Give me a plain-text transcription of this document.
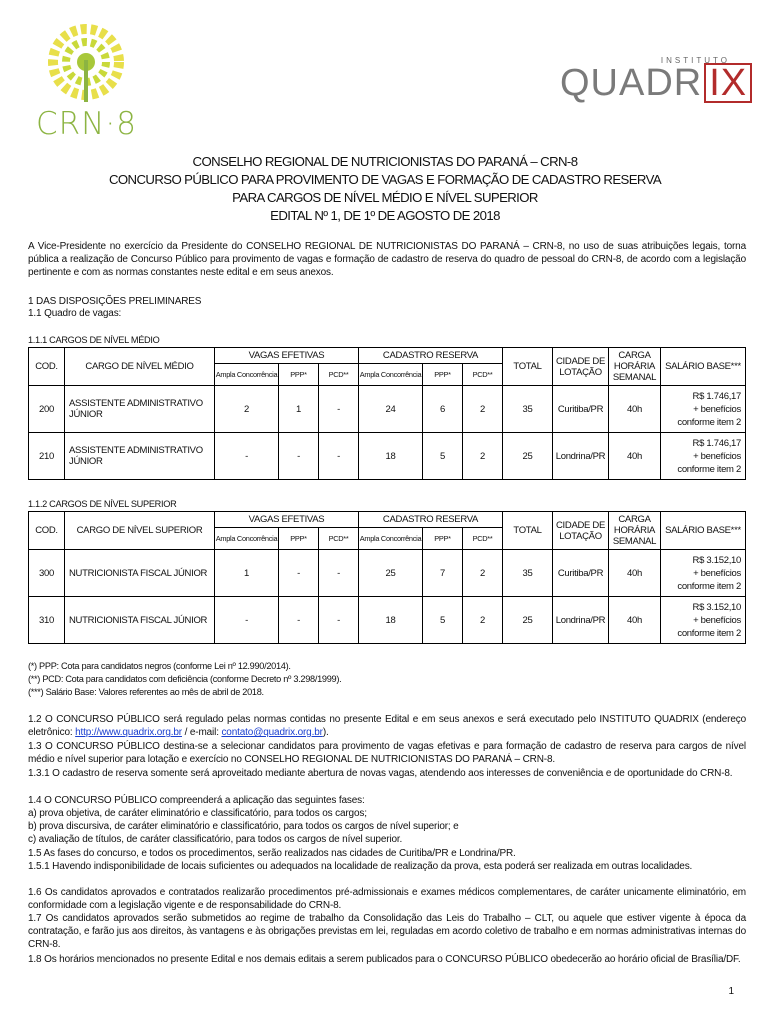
CRN·8
INSTITUTO
QUADR IX
CONSELHO REGIONAL DE NUTRICIONISTAS DO PARANÁ – CRN-8
CONCURSO PÚBLICO PARA PROVIMENTO DE VAGAS E FORMAÇÃO DE CADASTRO RESERVA
PARA CARGOS DE NÍVEL MÉDIO E NÍVEL SUPERIOR
EDITAL Nº 1, DE 1º DE AGOSTO DE 2018
A Vice-Presidente no exercício da Presidente do CONSELHO REGIONAL DE NUTRICIONISTAS DO PARANÁ – CRN-8, no uso de suas atribuições legais, torna pública a realização de Concurso Público para provimento de vagas e formação de cadastro de reserva do quadro de pessoal do CRN-8, de acordo com a legislação pertinente e com as normas constantes neste edital e em seus anexos.
1 DAS DISPOSIÇÕES PRELIMINARES
1.1 Quadro de vagas:
1.1.1 CARGOS DE NÍVEL MÉDIO
COD.	CARGO DE NÍVEL MÉDIO	VAGAS EFETIVAS			CADASTRO RESERVA			TOTAL	CIDADE DE LOTAÇÃO	CARGA HORÁRIA SEMANAL	SALÁRIO BASE***
		Ampla Concorrência	PPP*	PCD**	Ampla Concorrência	PPP*	PCD**				
200	ASSISTENTE ADMINISTRATIVO JÚNIOR	2	1	-	24	6	2	35	Curitiba/PR	40h	R$ 1.746,17
+ benefícios
conforme item 2
210	ASSISTENTE ADMINISTRATIVO JÚNIOR	-	-	-	18	5	2	25	Londrina/PR	40h	R$ 1.746,17
+ benefícios
conforme item 2
1.1.2 CARGOS DE NÍVEL SUPERIOR
COD.	CARGO DE NÍVEL SUPERIOR	VAGAS EFETIVAS			CADASTRO RESERVA			TOTAL	CIDADE DE LOTAÇÃO	CARGA HORÁRIA SEMANAL	SALÁRIO BASE***
		Ampla Concorrência	PPP*	PCD**	Ampla Concorrência	PPP*	PCD**				
300	NUTRICIONISTA FISCAL JÚNIOR	1	-	-	25	7	2	35	Curitiba/PR	40h	R$ 3.152,10
+ benefícios
conforme item 2
310	NUTRICIONISTA FISCAL JÚNIOR	-	-	-	18	5	2	25	Londrina/PR	40h	R$ 3.152,10
+ benefícios
conforme item 2
(*) PPP: Cota para candidatos negros (conforme Lei nº 12.990/2014).
(**) PCD: Cota para candidatos com deficiência (conforme Decreto nº 3.298/1999).
(***) Salário Base: Valores referentes ao mês de abril de 2018.
1.2 O CONCURSO PÚBLICO será regulado pelas normas contidas no presente Edital e em seus anexos e será executado pelo INSTITUTO QUADRIX (endereço eletrônico: http://www.quadrix.org.br / e-mail: contato@quadrix.org.br).
1.3 O CONCURSO PÚBLICO destina-se a selecionar candidatos para provimento de vagas efetivas e para formação de cadastro de reserva para cargos de nível médio e nível superior para lotação e exercício no CONSELHO REGIONAL DE NUTRICIONISTAS DO PARANÁ – CRN-8.
1.3.1 O cadastro de reserva somente será aproveitado mediante abertura de novas vagas, atendendo aos interesses de conveniência e de oportunidade do CRN-8.
1.4 O CONCURSO PÚBLICO compreenderá a aplicação das seguintes fases:
a) prova objetiva, de caráter eliminatório e classificatório, para todos os cargos;
b) prova discursiva, de caráter eliminatório e classificatório, para todos os cargos de nível superior; e
c) avaliação de títulos, de caráter classificatório, para todos os cargos de nível superior.
1.5 As fases do concurso, e todos os procedimentos, serão realizados nas cidades de Curitiba/PR e Londrina/PR.
1.5.1 Havendo indisponibilidade de locais suficientes ou adequados na localidade de realização da prova, esta poderá ser realizada em outras localidades.
1.6 Os candidatos aprovados e contratados realizarão procedimentos pré-admissionais e exames médicos complementares, de caráter unicamente eliminatório, em conformidade com a legislação vigente e de responsabilidade do CRN-8.
1.7 Os candidatos aprovados serão submetidos ao regime de trabalho da Consolidação das Leis do Trabalho – CLT, ou aquele que estiver vigente à época da contratação, e farão jus aos direitos, às vantagens e às obrigações previstas em lei, reguladas em acordo coletivo de trabalho e em normas administrativas internas do CRN-8.
1.8 Os horários mencionados no presente Edital e nos demais editais a serem publicados para o CONCURSO PÚBLICO obedecerão ao horário oficial de Brasília/DF.
1
